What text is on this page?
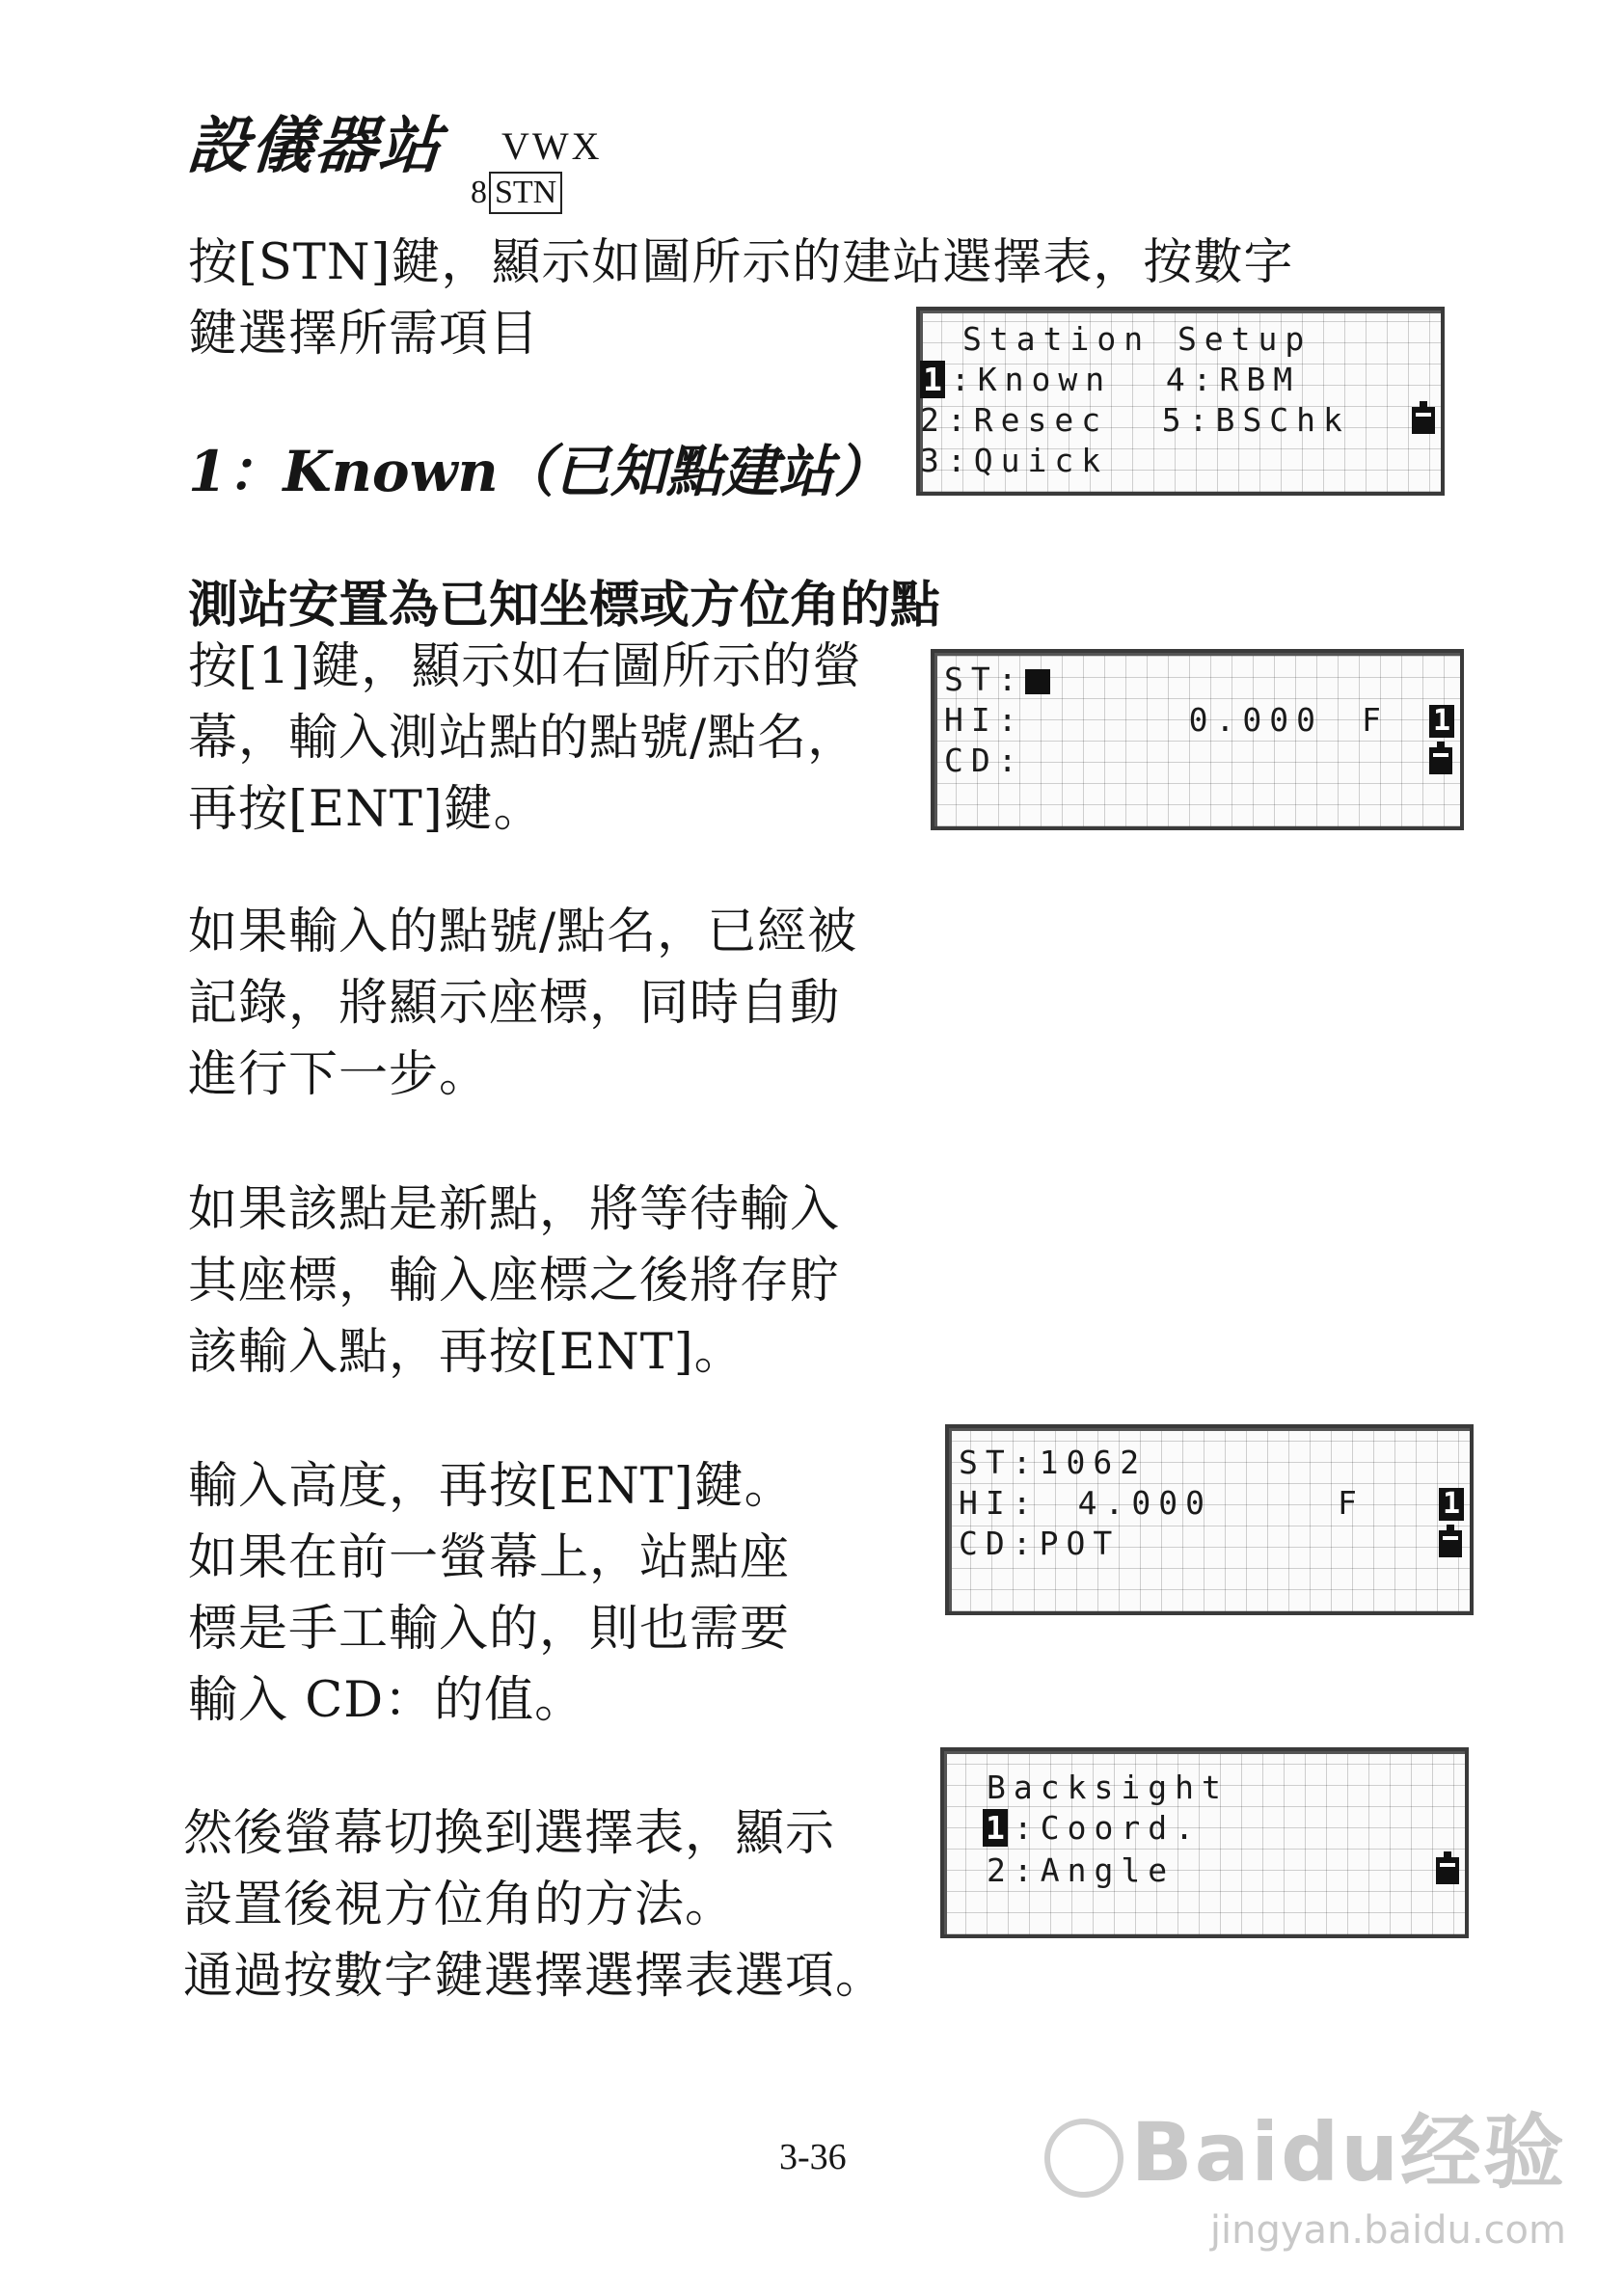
設儀器站 VWX
8 STN
按[STN]鍵，顯示如圖所示的建站選擇表，按數字
鍵選擇所需項目	Station Setup
1 :Known  4:RBM
2:Resec  5:BSChk
3:Quick
1：Known（已知點建站）
測站安置為已知坐標或方位角的點
按[1]鍵，顯示如右圖所示的螢
幕，輸入測站點的點號/點名，
再按[ENT]鍵。
ST:
HI:	0.000 F
CD:
1
如果輸入的點號/點名，已經被
記錄，將顯示座標，同時自動
進行下一步。
如果該點是新點，將等待輸入
其座標，輸入座標之後將存貯
該輸入點，再按[ENT]。
輸入高度，再按[ENT]鍵。
如果在前一螢幕上，站點座
標是手工輸入的，則也需要
輸入 CD：的值。
ST:1062
HI: 4.000	F
CD:POT
1
然後螢幕切換到選擇表，顯示
設置後視方位角的方法。
通過按數字鍵選擇選擇表選項。
Backsight
1 :Coord.
2:Angle
3-36	Baidu经验
jingyan.baidu.com
